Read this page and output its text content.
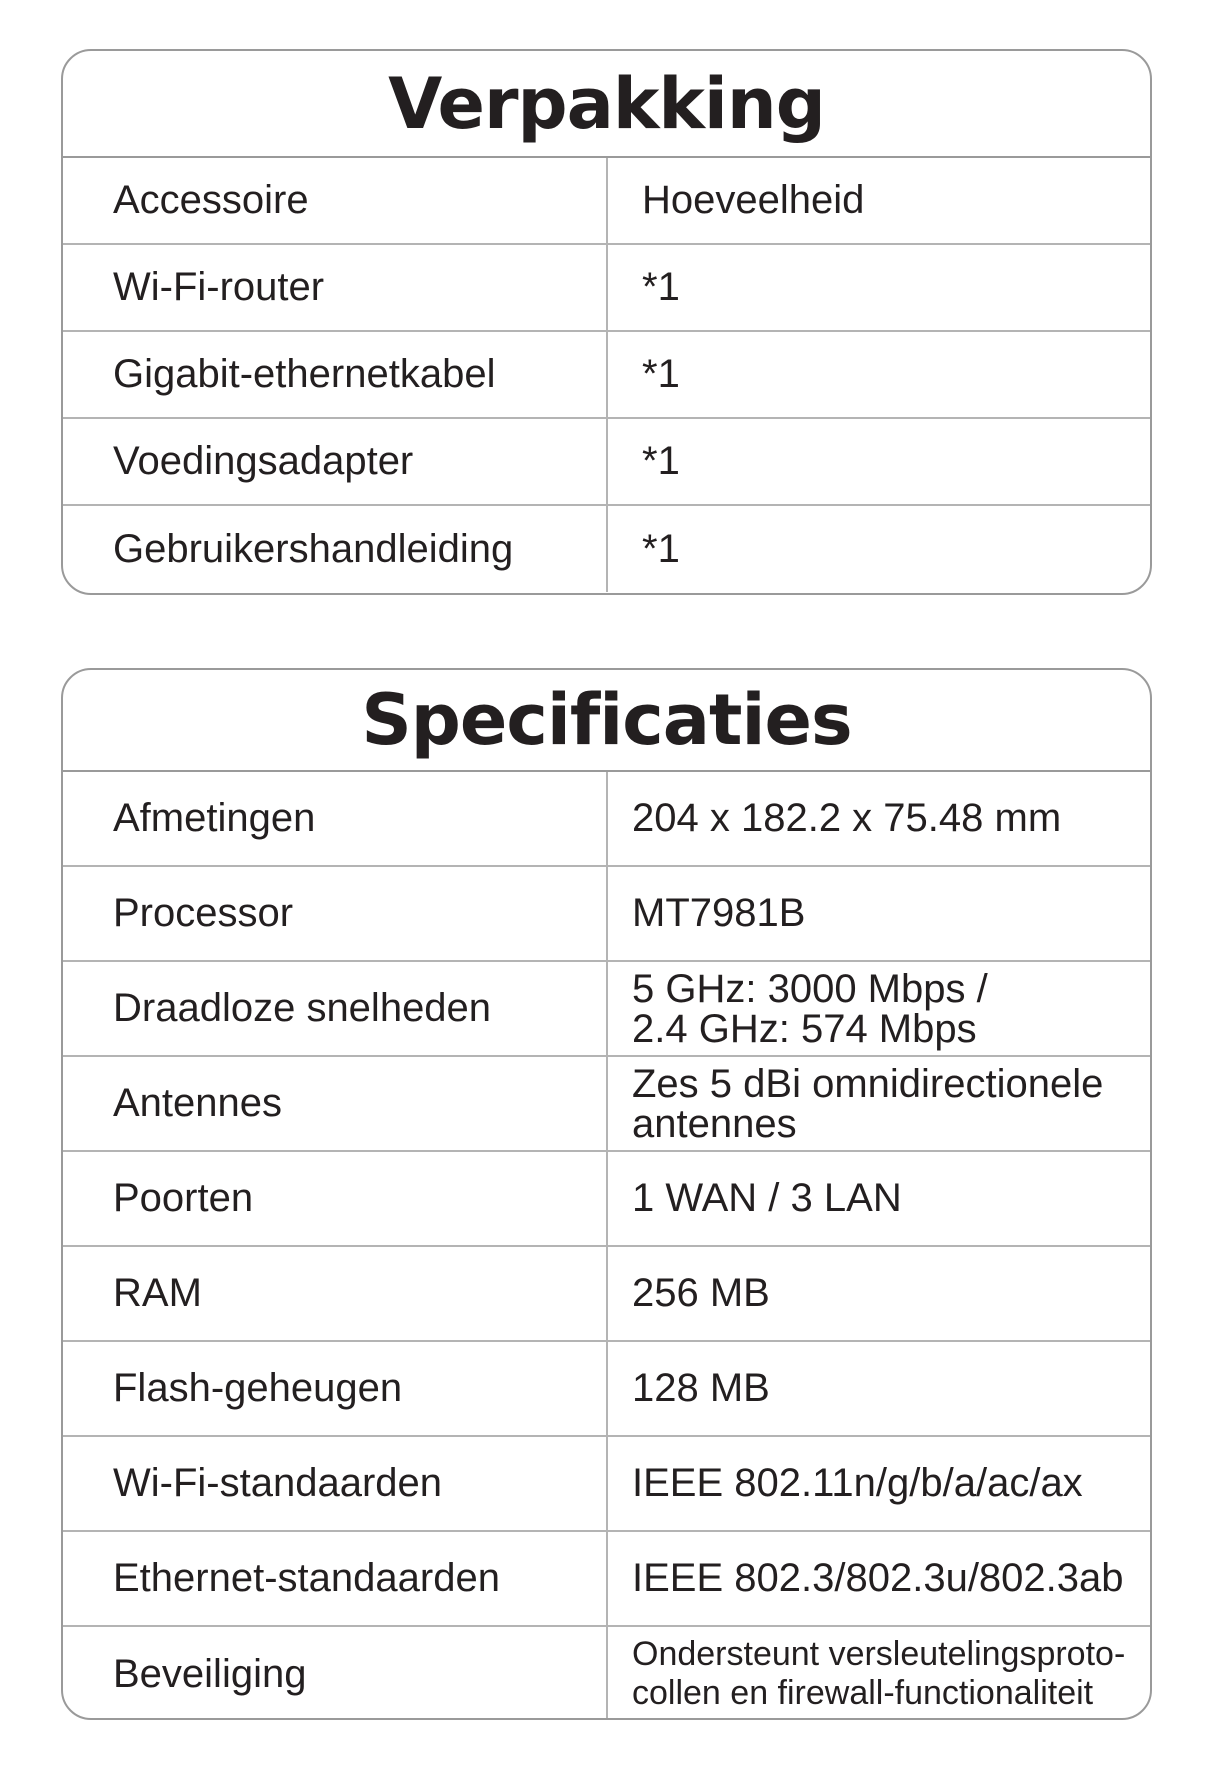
Verpakking
Accessoire	Hoeveelheid
Wi-Fi-router	*1
Gigabit-ethernetkabel	*1
Voedingsadapter	*1
Gebruikershandleiding	*1
Specificaties
Afmetingen	204 x 182.2 x 75.48 mm
Processor	MT7981B
Draadloze snelheden	5 GHz: 3000 Mbps /
2.4 GHz: 574 Mbps
Antennes	Zes 5 dBi omnidirectionele
antennes
Poorten	1 WAN / 3 LAN
RAM	256 MB
Flash-geheugen	128 MB
Wi-Fi-standaarden	IEEE 802.11n/g/b/a/ac/ax
Ethernet-standaarden	IEEE 802.3/802.3u/802.3ab
Beveiliging	Ondersteunt versleutelingsproto-
collen en firewall-functionaliteit
